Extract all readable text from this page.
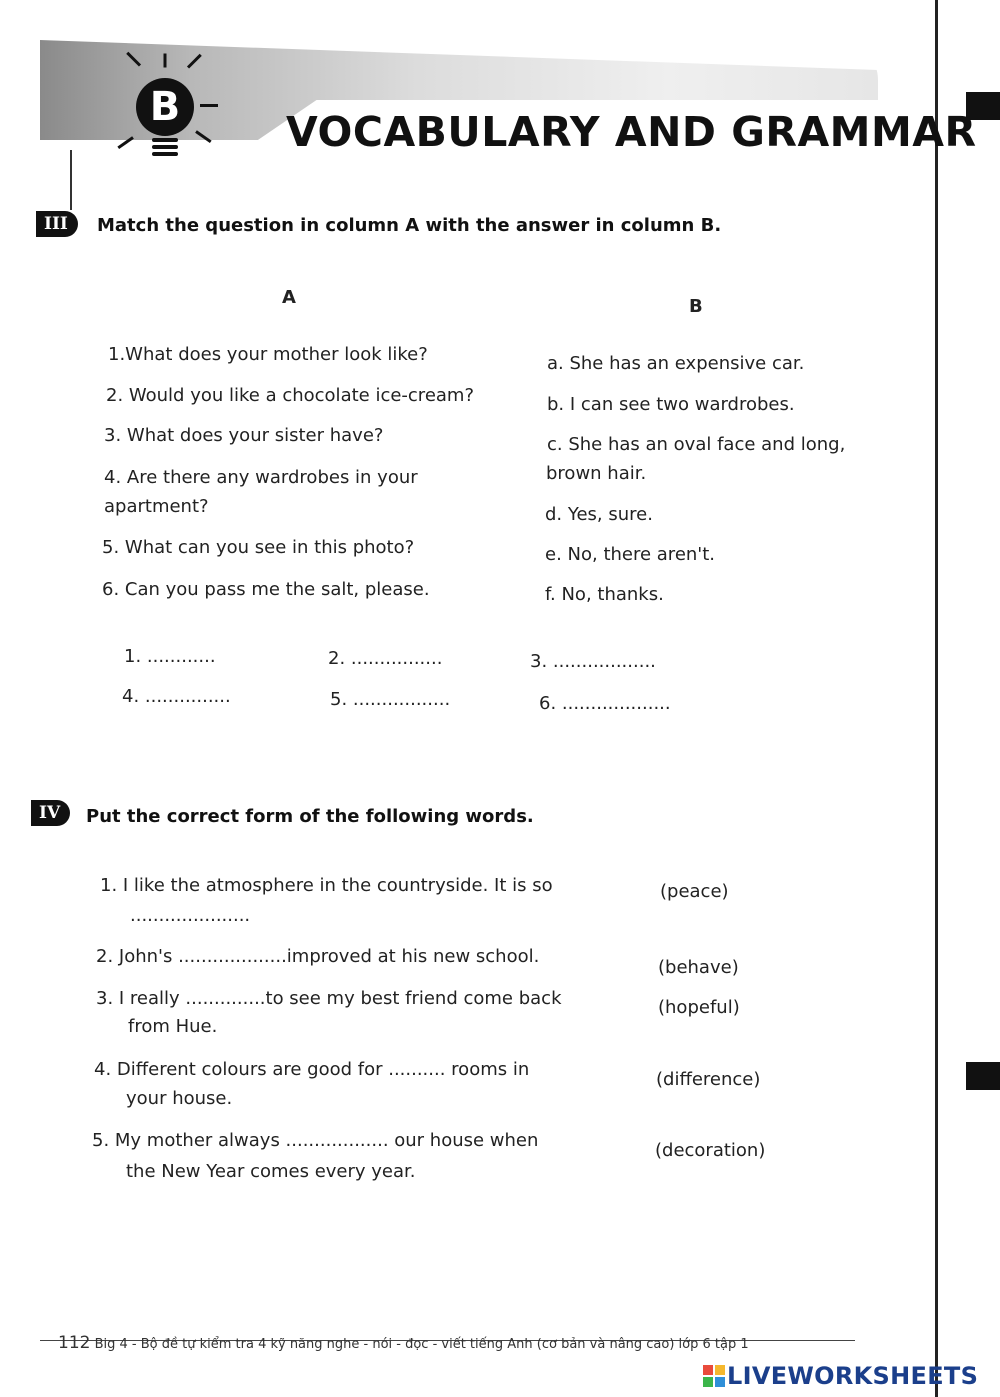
B
VOCABULARY AND GRAMMAR
III Match the question in column A with the answer in column B.
A	B
1.What does your mother look like?
2. Would you like a chocolate ice-cream?
3. What does your sister have?
4. Are there any wardrobes in your
apartment?
5. What can you see in this photo?
6. Can you pass me the salt, please.
a. She has an expensive car.
b. I can see two wardrobes.
c. She has an oval face and long,
brown hair.
d. Yes, sure.
e. No, there aren't.
f. No, thanks.
1. ............	2. ................	3. ..................
4. ...............	5. .................	6. ...................
IV Put the correct form of the following words.
1. I like the atmosphere in the countryside. It is so
.....................
(peace)
2. John's ...................improved at his new school.
(behave)
3. I really ..............to see my best friend come back
from Hue.
(hopeful)
4. Different colours are good for .......... rooms in
your house.
(difference)
5. My mother always .................. our house when
the New Year comes every year.
(decoration)
112 Big 4 - Bộ đề tự kiểm tra 4 kỹ năng nghe - nói - đọc - viết tiếng Anh (cơ bản và nâng cao) lớp 6 tập 1
LIVEWORKSHEETS
